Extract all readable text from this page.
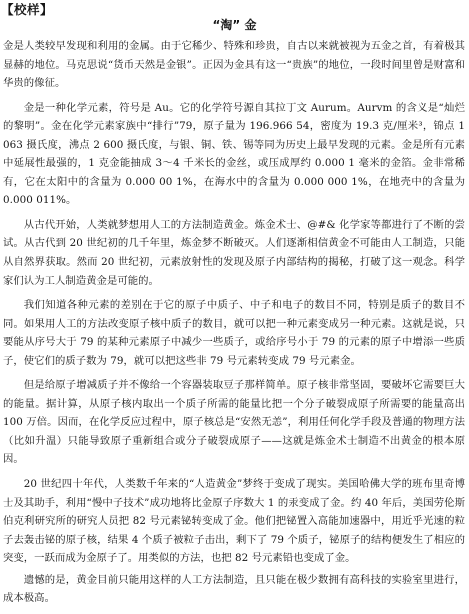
【校样】
“淘” 金

金是人类较早发现和利用的金属。由于它稀少、特殊和珍贵，自古以来就被视为五金之首，有着极其显赫的地位。马克思说“货币天然是金银”。正因为金具有这一“贵族”的地位，一段时间里曾是财富和华贵的像征。

金是一种化学元素，符号是 Au。它的化学符号源自其拉丁文 Aurum。Aurvm 的含义是“灿烂的黎明”。金在化学元素家族中“排行”79，原子量为 196.966 54，密度为 19.3 克/厘米³，锦点 1 063 摄氏度，沸点 2 600 摄氏度，与银、铜、铁、锡等同为历史上最早发现的元素。金是所有元素中延展性最强的，1 克金能抽成 3～4 千米长的金丝，或压成厚约 0.000 1 毫米的金箔。金非常稀有，它在太阳中的含量为 0.000 00 1%，在海水中的含量为 0.000 000 1%，在地壳中的含量为 0.000 011%。

从古代开始，人类就梦想用人工的方法制造黄金。炼金术士、@#& 化学家等都进行了不断的尝试。从古代到 20 世纪初的几千年里，炼金梦不断破灭。人们逐渐相信黄金不可能由人工制造，只能从自然界获取。然而 20 世纪初，元素放射性的发现及原子内部结构的揭秘，打破了这一观念。科学家们认为工人制造黄金是可能的。

我们知道各种元素的差别在于它的原子中质子、中子和电子的数目不同，特别是质子的数目不同。如果用人工的方法改变原子核中质子的数目，就可以把一种元素变成另一种元素。这就是说，只要能从序号大于 79 的某种元素原子中减少一些质子，或给序号小于 79 的元素的原子中增添一些质子，使它们的质子数为 79，就可以把这些非 79 号元素转变成 79 号元素金。

但是给原子增减质子并不像给一个容器装取豆子那样简单。原子核非常坚固，要破坏它需要巨大的能量。据计算，从原子核内取出一个质子所需的能量比把一个分子破裂成原子所需要的能量高出 100 万倍。因而，在化学反应过程中，原子核总是“安然无恙”，利用任何化学手段及普通的物理方法（比如升温）只能导致原子重新组合或分子破裂成原子——这就是炼金术士制造不出黄金的根本原因。

20 世纪四十年代，人类数千年来的“人造黄金”梦终于变成了现实。美国哈佛大学的班布里奇博士及其助手，利用“慢中子技术”成功地将比金原子序数大 1 的汞变成了金。约 40 年后，美国劳伦斯伯克利研究所的研究人员把 82 号元素铋转变成了金。他们把铋置入高能加速器中，用近乎光速的粒子去轰击铋的原子核，结果 4 个质子被粒子击出，剩下了 79 个质子，铋原子的结构便发生了相应的突变，一跃而成为金原子了。用类似的方法，也把 82 号元素铅也变成了金。

遗憾的是，黄金目前只能用这样的人工方法制造，且只能在极少数拥有高科技的实验室里进行，成本极高。
